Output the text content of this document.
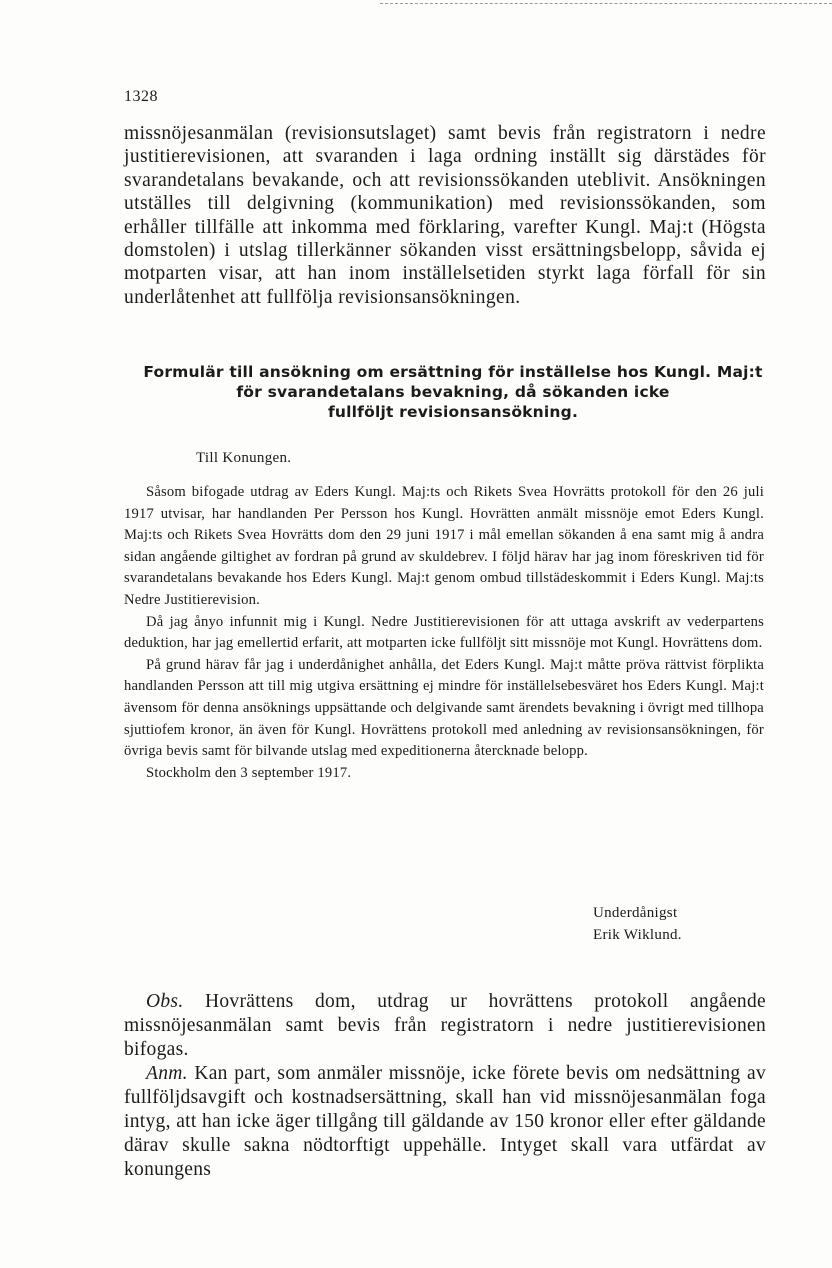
1328

missnöjesanmälan (revisionsutslaget) samt bevis från registratorn i nedre justitierevisionen, att svaranden i laga ordning inställt sig därstädes för svarandetalans bevakande, och att revisionssökanden uteblivit. Ansökningen utställes till delgivning (kommunikation) med revisionssökanden, som erhåller tillfälle att inkomma med förklaring, varefter Kungl. Maj:t (Högsta domstolen) i utslag tillerkänner sökanden visst ersättningsbelopp, såvida ej motparten visar, att han inom inställelsetiden styrkt laga förfall för sin underlåtenhet att fullfölja revisionsansökningen.

Formulär till ansökning om ersättning för inställelse hos Kungl. Maj:t
för svarandetalans bevakning, då sökanden icke
fullföljt revisionsansökning.
Till Konungen.

Såsom bifogade utdrag av Eders Kungl. Maj:ts och Rikets Svea Hovrätts protokoll för den 26 juli 1917 utvisar, har handlanden Per Persson hos Kungl. Hovrätten anmält missnöje emot Eders Kungl. Maj:ts och Rikets Svea Hovrätts dom den 29 juni 1917 i mål emellan sökanden å ena samt mig å andra sidan angående giltighet av fordran på grund av skuldebrev. I följd härav har jag inom föreskriven tid för svarandetalans bevakande hos Eders Kungl. Maj:t genom ombud tillstädeskommit i Eders Kungl. Maj:ts Nedre Justitierevision.

Då jag ånyo infunnit mig i Kungl. Nedre Justitierevisionen för att uttaga avskrift av vederpartens deduktion, har jag emellertid erfarit, att motparten icke fullföljt sitt missnöje mot Kungl. Hovrättens dom.

På grund härav får jag i underdånighet anhålla, det Eders Kungl. Maj:t måtte pröva rättvist förplikta handlanden Persson att till mig utgiva ersättning ej mindre för inställelsebesväret hos Eders Kungl. Maj:t ävensom för denna ansöknings uppsättande och delgivande samt ärendets bevakning i övrigt med tillhopa sjuttiofem kronor, än även för Kungl. Hovrättens protokoll med anledning av revisionsansökningen, för övriga bevis samt för bilvande utslag med expeditionerna återcknade belopp.

Stockholm den 3 september 1917.

Underdånigst
Erik Wiklund.

Obs. Hovrättens dom, utdrag ur hovrättens protokoll angående missnöjesanmälan samt bevis från registratorn i nedre justitierevisionen bifogas.

Anm. Kan part, som anmäler missnöje, icke förete bevis om nedsättning av fullföljdsavgift och kostnadsersättning, skall han vid missnöjesanmälan foga intyg, att han icke äger tillgång till gäldande av 150 kronor eller efter gäldande därav skulle sakna nödtorftigt uppehälle. Intyget skall vara utfärdat av konungens
